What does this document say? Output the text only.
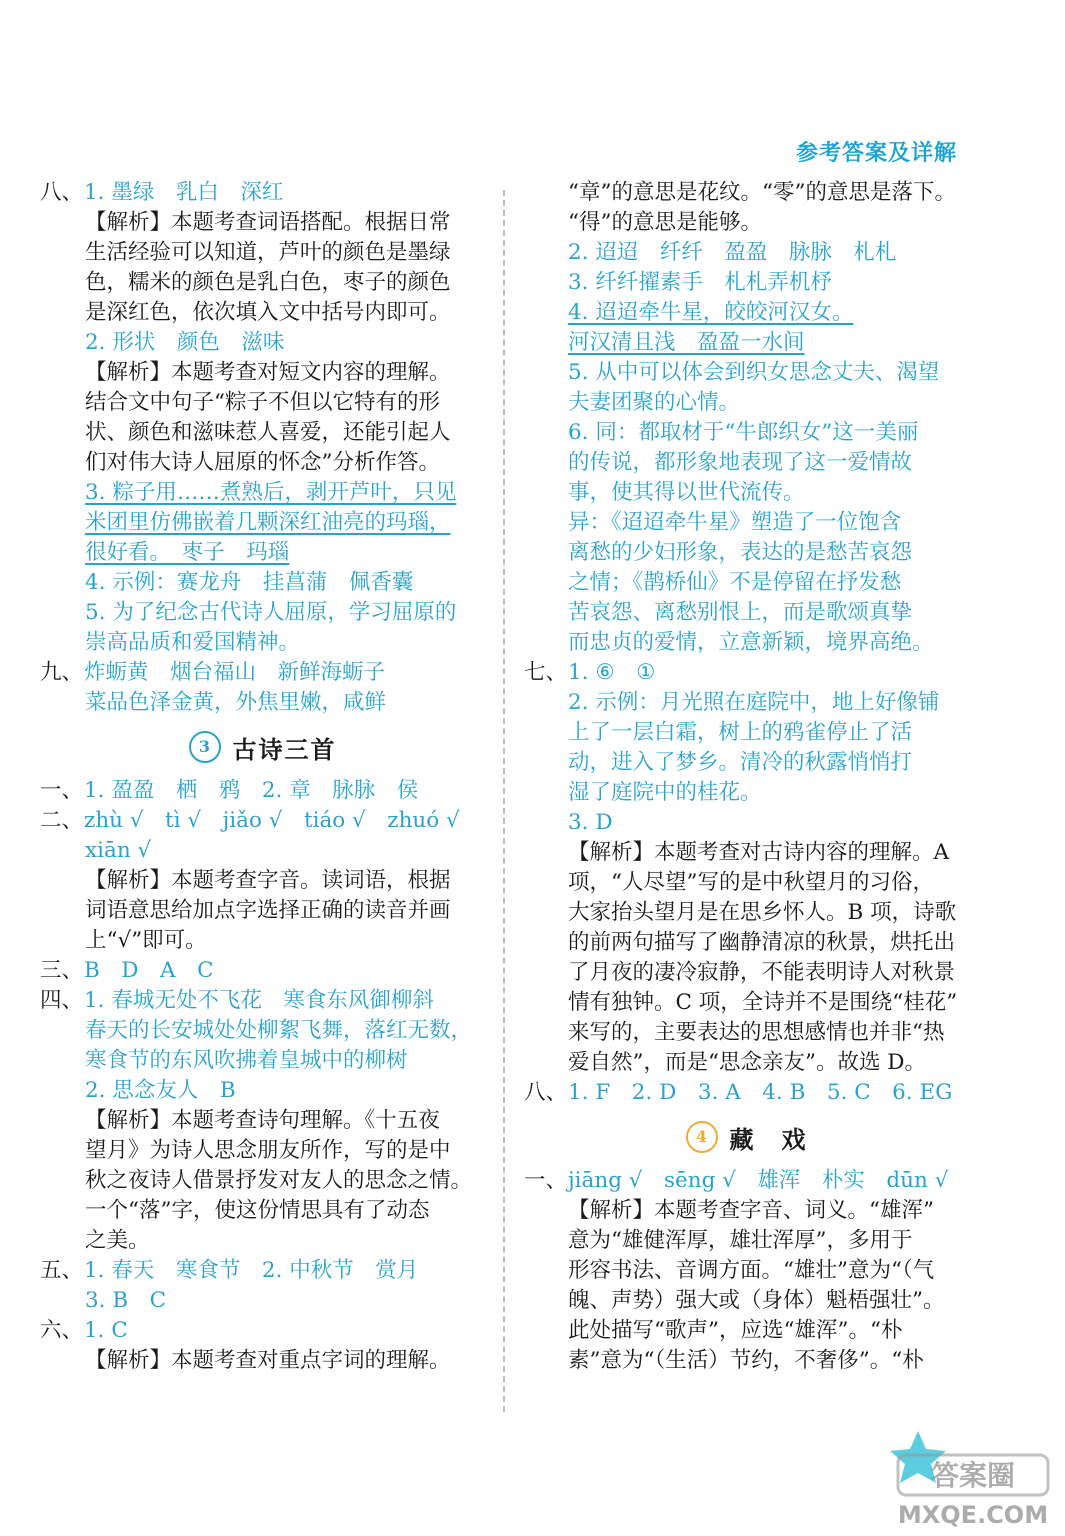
参考答案及详解
八、1. 墨绿　乳白　深红
【解析】本题考查词语搭配。根据日常
生活经验可以知道，芦叶的颜色是墨绿
色，糯米的颜色是乳白色，枣子的颜色
是深红色，依次填入文中括号内即可。
2. 形状　颜色　滋味
【解析】本题考查对短文内容的理解。
结合文中句子“粽子不但以它特有的形
状、颜色和滋味惹人喜爱，还能引起人
们对伟大诗人屈原的怀念”分析作答。
3. 粽子用……煮熟后，剥开芦叶，只见
米团里仿佛嵌着几颗深红油亮的玛瑙，
很好看。　枣子　玛瑙
4. 示例：赛龙舟　挂菖蒲　佩香囊
5. 为了纪念古代诗人屈原，学习屈原的
崇高品质和爱国精神。
九、炸蛎黄　烟台福山　新鲜海蛎子
菜品色泽金黄，外焦里嫩，咸鲜
3 古诗三首
一、1. 盈盈　栖　鸦　2. 章　脉脉　侯
二、zhù √　tì √　jiǎo √　tiáo √　zhuó √
xiān √
【解析】本题考查字音。读词语，根据
词语意思给加点字选择正确的读音并画
上“√”即可。
三、B　D　A　C
四、1. 春城无处不飞花　寒食东风御柳斜
春天的长安城处处柳絮飞舞，落红无数，
寒食节的东风吹拂着皇城中的柳树
2. 思念友人　B
【解析】本题考查诗句理解。《十五夜
望月》为诗人思念朋友所作，写的是中
秋之夜诗人借景抒发对友人的思念之情。
一个“落”字，使这份情思具有了动态
之美。
五、1. 春天　寒食节　2. 中秋节　赏月
3. B　C
六、1. C
【解析】本题考查对重点字词的理解。
“章”的意思是花纹。“零”的意思是落下。
“得”的意思是能够。
2. 迢迢　纤纤　盈盈　脉脉　札札
3. 纤纤擢素手　札札弄机杼
4. 迢迢牵牛星，皎皎河汉女。
河汉清且浅　盈盈一水间
5. 从中可以体会到织女思念丈夫、渴望
夫妻团聚的心情。
6. 同：都取材于“牛郎织女”这一美丽
的传说，都形象地表现了这一爱情故
事，使其得以世代流传。
异：《迢迢牵牛星》塑造了一位饱含
离愁的少妇形象，表达的是愁苦哀怨
之情；《鹊桥仙》不是停留在抒发愁
苦哀怨、离愁别恨上，而是歌颂真挚
而忠贞的爱情，立意新颖，境界高绝。
七、1. ⑥　①
2. 示例：月光照在庭院中，地上好像铺
上了一层白霜，树上的鸦雀停止了活
动，进入了梦乡。清冷的秋露悄悄打
湿了庭院中的桂花。
3. D
【解析】本题考查对古诗内容的理解。A
项，“人尽望”写的是中秋望月的习俗，
大家抬头望月是在思乡怀人。B 项，诗歌
的前两句描写了幽静清凉的秋景，烘托出
了月夜的凄冷寂静，不能表明诗人对秋景
情有独钟。C 项，全诗并不是围绕“桂花”
来写的，主要表达的思想感情也并非“热
爱自然”，而是“思念亲友”。故选 D。
八、1. F　2. D　3. A　4. B　5. C　6. EG
4 藏　戏
一、jiāng √　sēng √　雄浑　朴实　dūn √
【解析】本题考查字音、词义。“雄浑”
意为“雄健浑厚，雄壮浑厚”，多用于
形容书法、音调方面。“雄壮”意为“（气
魄、声势）强大或（身体）魁梧强壮”。
此处描写“歌声”，应选“雄浑”。“朴
素”意为“（生活）节约，不奢侈”。“朴
答案圈
MXQE.COM
